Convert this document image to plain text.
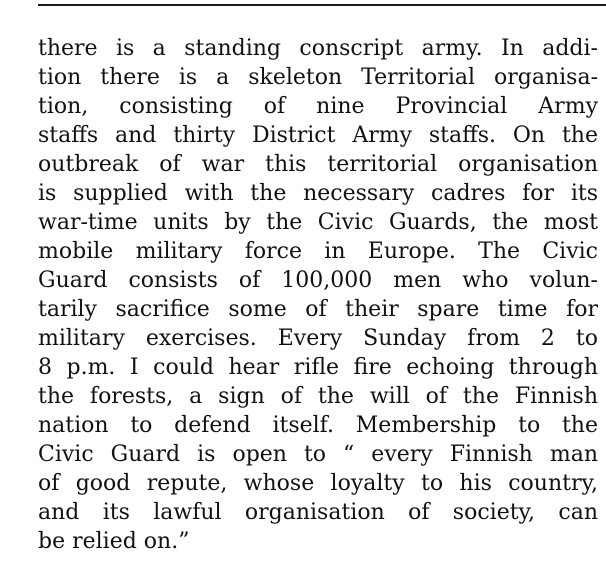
there is a standing conscript army. In addi-
tion there is a skeleton Territorial organisa-
tion, consisting of nine Provincial Army
staffs and thirty District Army staffs. On the
outbreak of war this territorial organisation
is supplied with the necessary cadres for its
war-time units by the Civic Guards, the most
mobile military force in Europe. The Civic
Guard consists of 100,000 men who volun-
tarily sacrifice some of their spare time for
military exercises. Every Sunday from 2 to
8 p.m. I could hear rifle fire echoing through
the forests, a sign of the will of the Finnish
nation to defend itself. Membership to the
Civic Guard is open to “ every Finnish man
of good repute, whose loyalty to his country,
and its lawful organisation of society, can
be relied on.”
